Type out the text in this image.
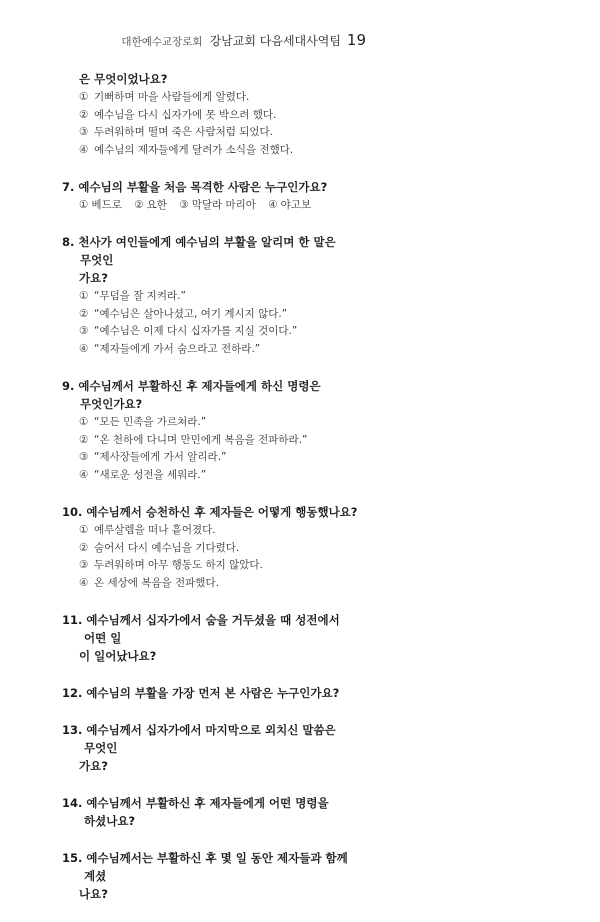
대한예수교장로회 강남교회 다음세대사역팀 19
은 무엇이었나요?
① 기뻐하며 마을 사람들에게 알렸다.
② 예수님을 다시 십자가에 못 박으려 했다.
③ 두려워하며 떨며 죽은 사람처럼 되었다.
④ 예수님의 제자들에게 달려가 소식을 전했다.
7. 예수님의 부활을 처음 목격한 사람은 누구인가요?
① 베드로 ② 요한 ③ 막달라 마리아 ④ 야고보
8. 천사가 여인들에게 예수님의 부활을 알리며 한 말은 무엇인
가요?
① “무덤을 잘 지켜라.”
② “예수님은 살아나셨고, 여기 계시지 않다.”
③ “예수님은 이제 다시 십자가를 지실 것이다.”
④ “제자들에게 가서 숨으라고 전하라.”
9. 예수님께서 부활하신 후 제자들에게 하신 명령은 무엇인가요?
① “모든 민족을 가르쳐라.”
② “온 천하에 다니며 만민에게 복음을 전파하라.”
③ “제사장들에게 가서 알리라.”
④ “새로운 성전을 세워라.”
10. 예수님께서 승천하신 후 제자들은 어떻게 행동했나요?
① 예루살렘을 떠나 흩어졌다.
② 숨어서 다시 예수님을 기다렸다.
③ 두려워하며 아무 행동도 하지 않았다.
④ 온 세상에 복음을 전파했다.
11. 예수님께서 십자가에서 숨을 거두셨을 때 성전에서 어떤 일
이 일어났나요?
12. 예수님의 부활을 가장 먼저 본 사람은 누구인가요?
13. 예수님께서 십자가에서 마지막으로 외치신 말씀은 무엇인
가요?
14. 예수님께서 부활하신 후 제자들에게 어떤 명령을 하셨나요?
15. 예수님께서는 부활하신 후 몇 일 동안 제자들과 함께 계셨
나요?
